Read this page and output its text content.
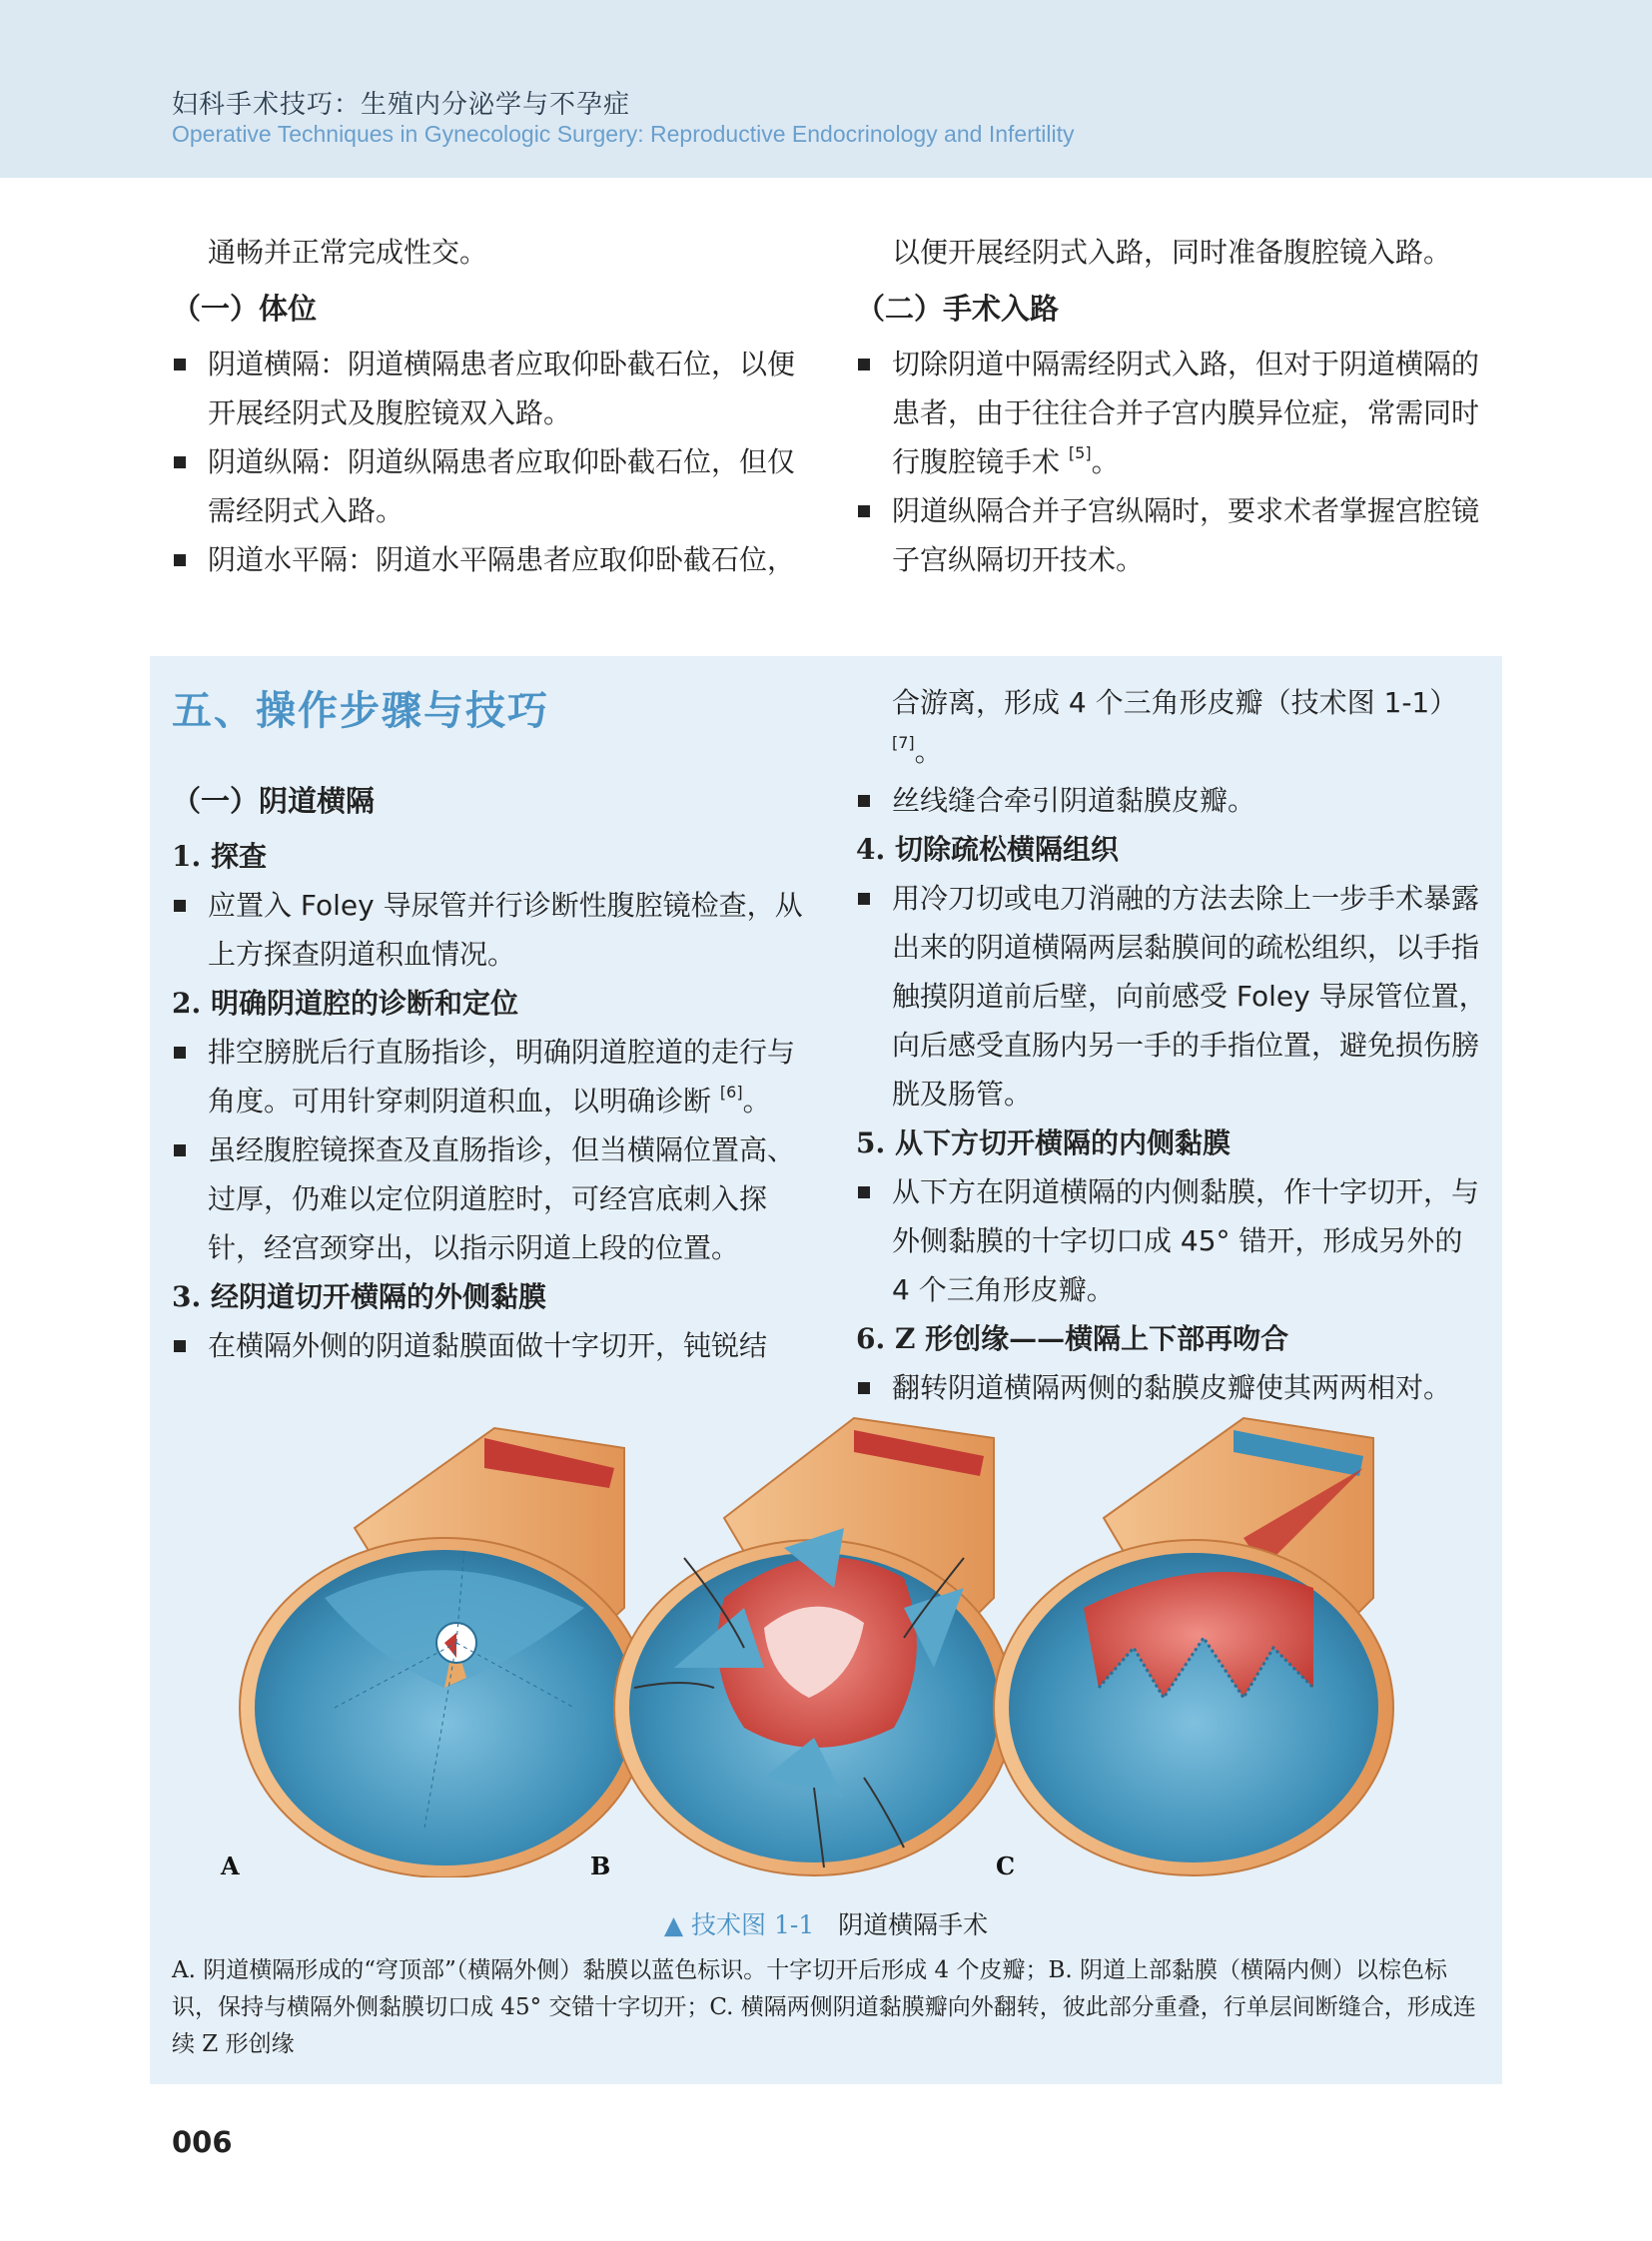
妇科手术技巧：生殖内分泌学与不孕症
Operative Techniques in Gynecologic Surgery: Reproductive Endocrinology and Infertility

通畅并正常完成性交。

（一）体位

阴道横隔：阴道横隔患者应取仰卧截石位，以便开展经阴式及腹腔镜双入路。

阴道纵隔：阴道纵隔患者应取仰卧截石位，但仅需经阴式入路。

阴道水平隔：阴道水平隔患者应取仰卧截石位，

以便开展经阴式入路，同时准备腹腔镜入路。

（二）手术入路

切除阴道中隔需经阴式入路，但对于阴道横隔的患者，由于往往合并子宫内膜异位症，常需同时行腹腔镜手术 [5]。

阴道纵隔合并子宫纵隔时，要求术者掌握宫腔镜子宫纵隔切开技术。

五、操作步骤与技巧

（一）阴道横隔

1. 探查

应置入 Foley 导尿管并行诊断性腹腔镜检查，从上方探查阴道积血情况。

2. 明确阴道腔的诊断和定位

排空膀胱后行直肠指诊，明确阴道腔道的走行与角度。可用针穿刺阴道积血，以明确诊断 [6]。

虽经腹腔镜探查及直肠指诊，但当横隔位置高、过厚，仍难以定位阴道腔时，可经宫底刺入探针，经宫颈穿出，以指示阴道上段的位置。

3. 经阴道切开横隔的外侧黏膜

在横隔外侧的阴道黏膜面做十字切开，钝锐结

合游离，形成 4 个三角形皮瓣（技术图 1-1）[7]。

丝线缝合牵引阴道黏膜皮瓣。

4. 切除疏松横隔组织

用冷刀切或电刀消融的方法去除上一步手术暴露出来的阴道横隔两层黏膜间的疏松组织，以手指触摸阴道前后壁，向前感受 Foley 导尿管位置，向后感受直肠内另一手的手指位置，避免损伤膀胱及肠管。

5. 从下方切开横隔的内侧黏膜

从下方在阴道横隔的内侧黏膜，作十字切开，与外侧黏膜的十字切口成 45° 错开，形成另外的 4 个三角形皮瓣。

6. Z 形创缘——横隔上下部再吻合

翻转阴道横隔两侧的黏膜皮瓣使其两两相对。

A	B	C
▲ 技术图 1-1 阴道横隔手术
A. 阴道横隔形成的“穹顶部”（横隔外侧）黏膜以蓝色标识。十字切开后形成 4 个皮瓣；B. 阴道上部黏膜（横隔内侧）以棕色标识，保持与横隔外侧黏膜切口成 45° 交错十字切开；C. 横隔两侧阴道黏膜瓣向外翻转，彼此部分重叠，行单层间断缝合，形成连续 Z 形创缘
006
